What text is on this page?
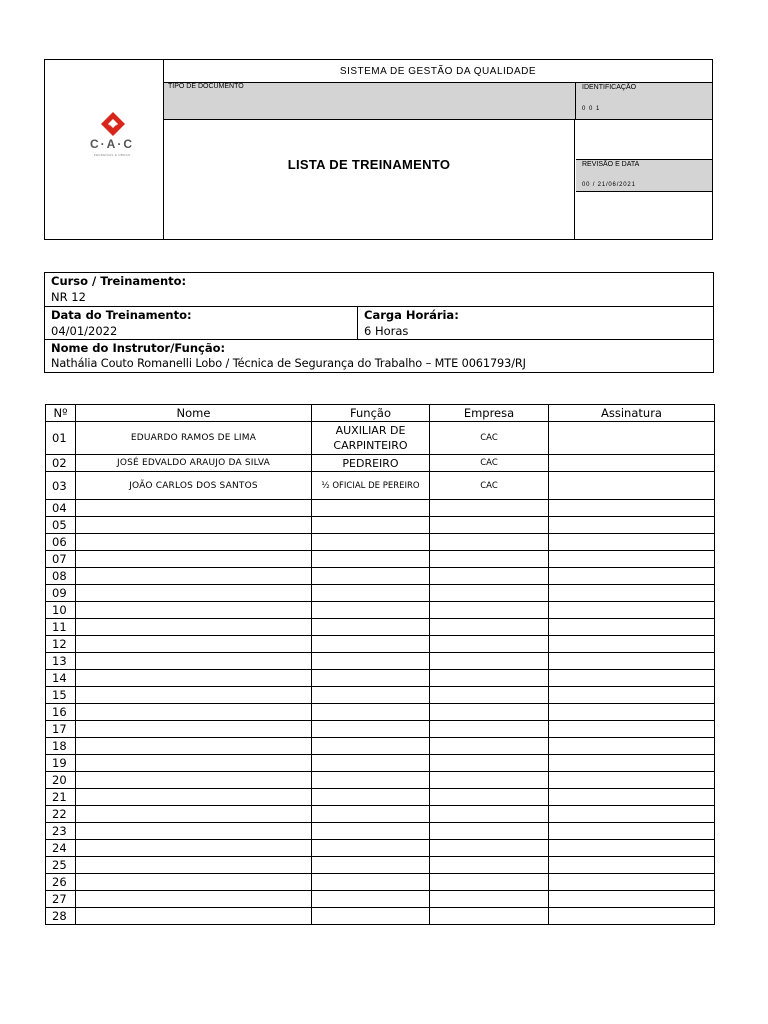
C·A·C
PEDREIRAS E OBRAS
SISTEMA DE GESTÃO DA QUALIDADE
TIPO DE DOCUMENTO	IDENTIFICAÇÃO
0 0 1
LISTA DE TREINAMENTO	REVISÃO E DATA
00 / 21/06/2021
Curso / Treinamento:
NR 12
Data do Treinamento:
04/01/2022
Carga Horária:
6 Horas
Nome do Instrutor/Função:
Nathália Couto Romanelli Lobo / Técnica de Segurança do Trabalho – MTE 0061793/RJ
Nº	Nome	Função	Empresa	Assinatura
01	EDUARDO RAMOS DE LIMA	AUXILIAR DE CARPINTEIRO	CAC	
02	JOSÉ EDVALDO ARAUJO DA SILVA	PEDREIRO	CAC	
03	JOÃO CARLOS DOS SANTOS	½ OFICIAL DE PEREIRO	CAC	
04				
05				
06				
07				
08				
09				
10				
11				
12				
13				
14				
15				
16				
17				
18				
19				
20				
21				
22				
23				
24				
25				
26				
27				
28				
